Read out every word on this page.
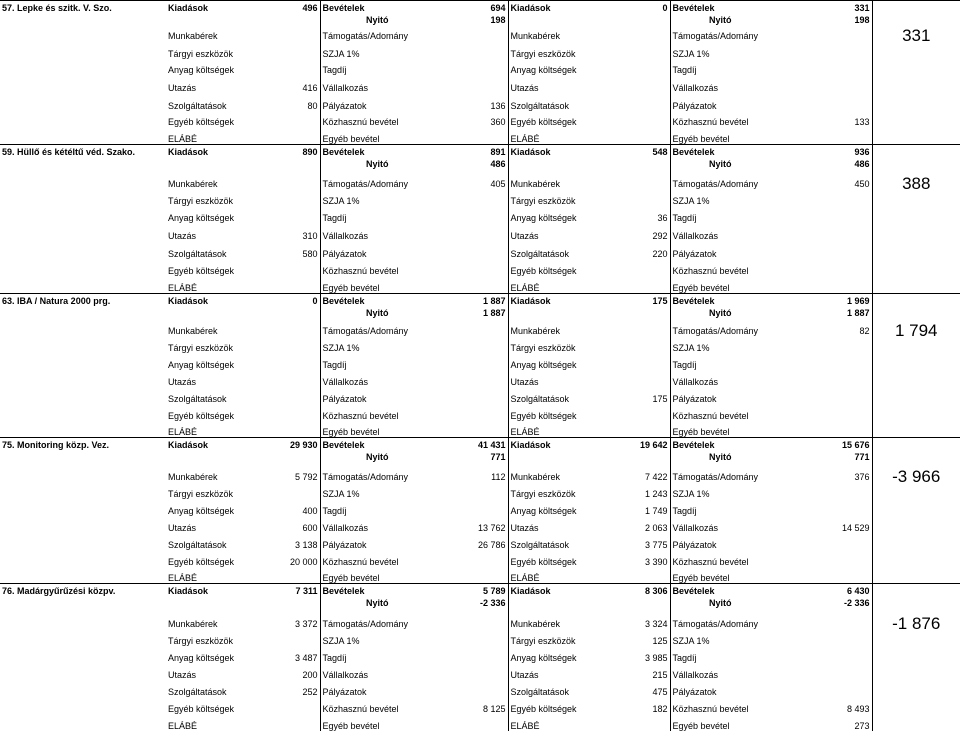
57. Lepke és szitk. V. Szo.	Kiadások	496	Bevételek	694	Kiadások	0	Bevételek	331	331
			Nyitó	198			Nyitó	198	
	Munkabérek		Támogatás/Adomány		Munkabérek		Támogatás/Adomány		
	Tárgyi eszközök		SZJA 1%		Tárgyi eszközök		SZJA 1%		
	Anyag költségek		Tagdíj		Anyag költségek		Tagdíj		
	Utazás	416	Vállalkozás		Utazás		Vállalkozás		
	Szolgáltatások	80	Pályázatok	136	Szolgáltatások		Pályázatok		
	Egyéb költségek		Közhasznú bevétel	360	Egyéb költségek		Közhasznú bevétel	133	
	ELÁBÉ		Egyéb bevétel		ELÁBÉ		Egyéb bevétel		
59. Hüllő és kétéltű véd. Szako.	Kiadások	890	Bevételek	891	Kiadások	548	Bevételek	936	388
			Nyitó	486			Nyitó	486	
	Munkabérek		Támogatás/Adomány	405	Munkabérek		Támogatás/Adomány	450	
	Tárgyi eszközök		SZJA 1%		Tárgyi eszközök		SZJA 1%		
	Anyag költségek		Tagdíj		Anyag költségek	36	Tagdíj		
	Utazás	310	Vállalkozás		Utazás	292	Vállalkozás		
	Szolgáltatások	580	Pályázatok		Szolgáltatások	220	Pályázatok		
	Egyéb költségek		Közhasznú bevétel		Egyéb költségek		Közhasznú bevétel		
	ELÁBÉ		Egyéb bevétel		ELÁBÉ		Egyéb bevétel		
63. IBA / Natura 2000 prg.	Kiadások	0	Bevételek	1 887	Kiadások	175	Bevételek	1 969	1 794
			Nyitó	1 887			Nyitó	1 887	
	Munkabérek		Támogatás/Adomány		Munkabérek		Támogatás/Adomány	82	
	Tárgyi eszközök		SZJA 1%		Tárgyi eszközök		SZJA 1%		
	Anyag költségek		Tagdíj		Anyag költségek		Tagdíj		
	Utazás		Vállalkozás		Utazás		Vállalkozás		
	Szolgáltatások		Pályázatok		Szolgáltatások	175	Pályázatok		
	Egyéb költségek		Közhasznú bevétel		Egyéb költségek		Közhasznú bevétel		
	ELÁBÉ		Egyéb bevétel		ELÁBÉ		Egyéb bevétel		
75. Monitoring közp. Vez.	Kiadások	29 930	Bevételek	41 431	Kiadások	19 642	Bevételek	15 676	-3 966
			Nyitó	771			Nyitó	771	
	Munkabérek	5 792	Támogatás/Adomány	112	Munkabérek	7 422	Támogatás/Adomány	376	
	Tárgyi eszközök		SZJA 1%		Tárgyi eszközök	1 243	SZJA 1%		
	Anyag költségek	400	Tagdíj		Anyag költségek	1 749	Tagdíj		
	Utazás	600	Vállalkozás	13 762	Utazás	2 063	Vállalkozás	14 529	
	Szolgáltatások	3 138	Pályázatok	26 786	Szolgáltatások	3 775	Pályázatok		
	Egyéb költségek	20 000	Közhasznú bevétel		Egyéb költségek	3 390	Közhasznú bevétel		
	ELÁBÉ		Egyéb bevétel		ELÁBÉ		Egyéb bevétel		
76. Madárgyűrűzési közpv.	Kiadások	7 311	Bevételek	5 789	Kiadások	8 306	Bevételek	6 430	-1 876
			Nyitó	-2 336			Nyitó	-2 336	
	Munkabérek	3 372	Támogatás/Adomány		Munkabérek	3 324	Támogatás/Adomány		
	Tárgyi eszközök		SZJA 1%		Tárgyi eszközök	125	SZJA 1%		
	Anyag költségek	3 487	Tagdíj		Anyag költségek	3 985	Tagdíj		
	Utazás	200	Vállalkozás		Utazás	215	Vállalkozás		
	Szolgáltatások	252	Pályázatok		Szolgáltatások	475	Pályázatok		
	Egyéb költségek		Közhasznú bevétel	8 125	Egyéb költségek	182	Közhasznú bevétel	8 493	
	ELÁBÉ		Egyéb bevétel		ELÁBÉ		Egyéb bevétel	273	
